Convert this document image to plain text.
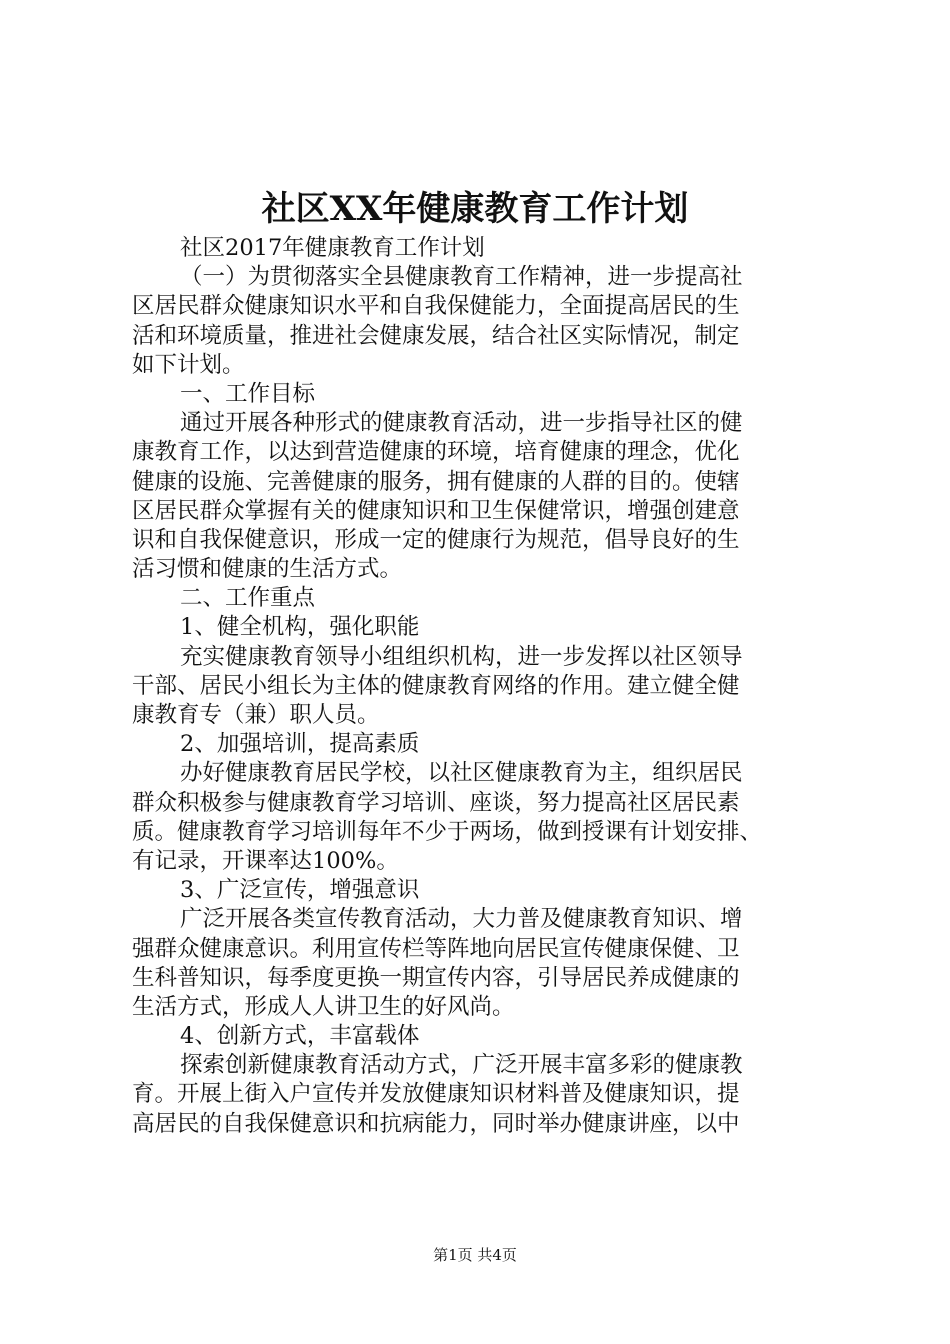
社区XX年健康教育工作计划
社区2017年健康教育工作计划
（一）为贯彻落实全县健康教育工作精神，进一步提高社
区居民群众健康知识水平和自我保健能力，全面提高居民的生
活和环境质量，推进社会健康发展，结合社区实际情况，制定
如下计划。
一、工作目标
通过开展各种形式的健康教育活动，进一步指导社区的健
康教育工作，以达到营造健康的环境，培育健康的理念，优化
健康的设施、完善健康的服务，拥有健康的人群的目的。使辖
区居民群众掌握有关的健康知识和卫生保健常识，增强创建意
识和自我保健意识，形成一定的健康行为规范，倡导良好的生
活习惯和健康的生活方式。
二、工作重点
1、健全机构，强化职能
充实健康教育领导小组组织机构，进一步发挥以社区领导
干部、居民小组长为主体的健康教育网络的作用。建立健全健
康教育专（兼）职人员。
2、加强培训，提高素质
办好健康教育居民学校，以社区健康教育为主，组织居民
群众积极参与健康教育学习培训、座谈，努力提高社区居民素
质。健康教育学习培训每年不少于两场，做到授课有计划安排、
有记录，开课率达100%。
3、广泛宣传，增强意识
广泛开展各类宣传教育活动，大力普及健康教育知识、增
强群众健康意识。利用宣传栏等阵地向居民宣传健康保健、卫
生科普知识，每季度更换一期宣传内容，引导居民养成健康的
生活方式，形成人人讲卫生的好风尚。
4、创新方式，丰富载体
探索创新健康教育活动方式，广泛开展丰富多彩的健康教
育。开展上街入户宣传并发放健康知识材料普及健康知识，提
高居民的自我保健意识和抗病能力，同时举办健康讲座，以中
第1页 共4页
